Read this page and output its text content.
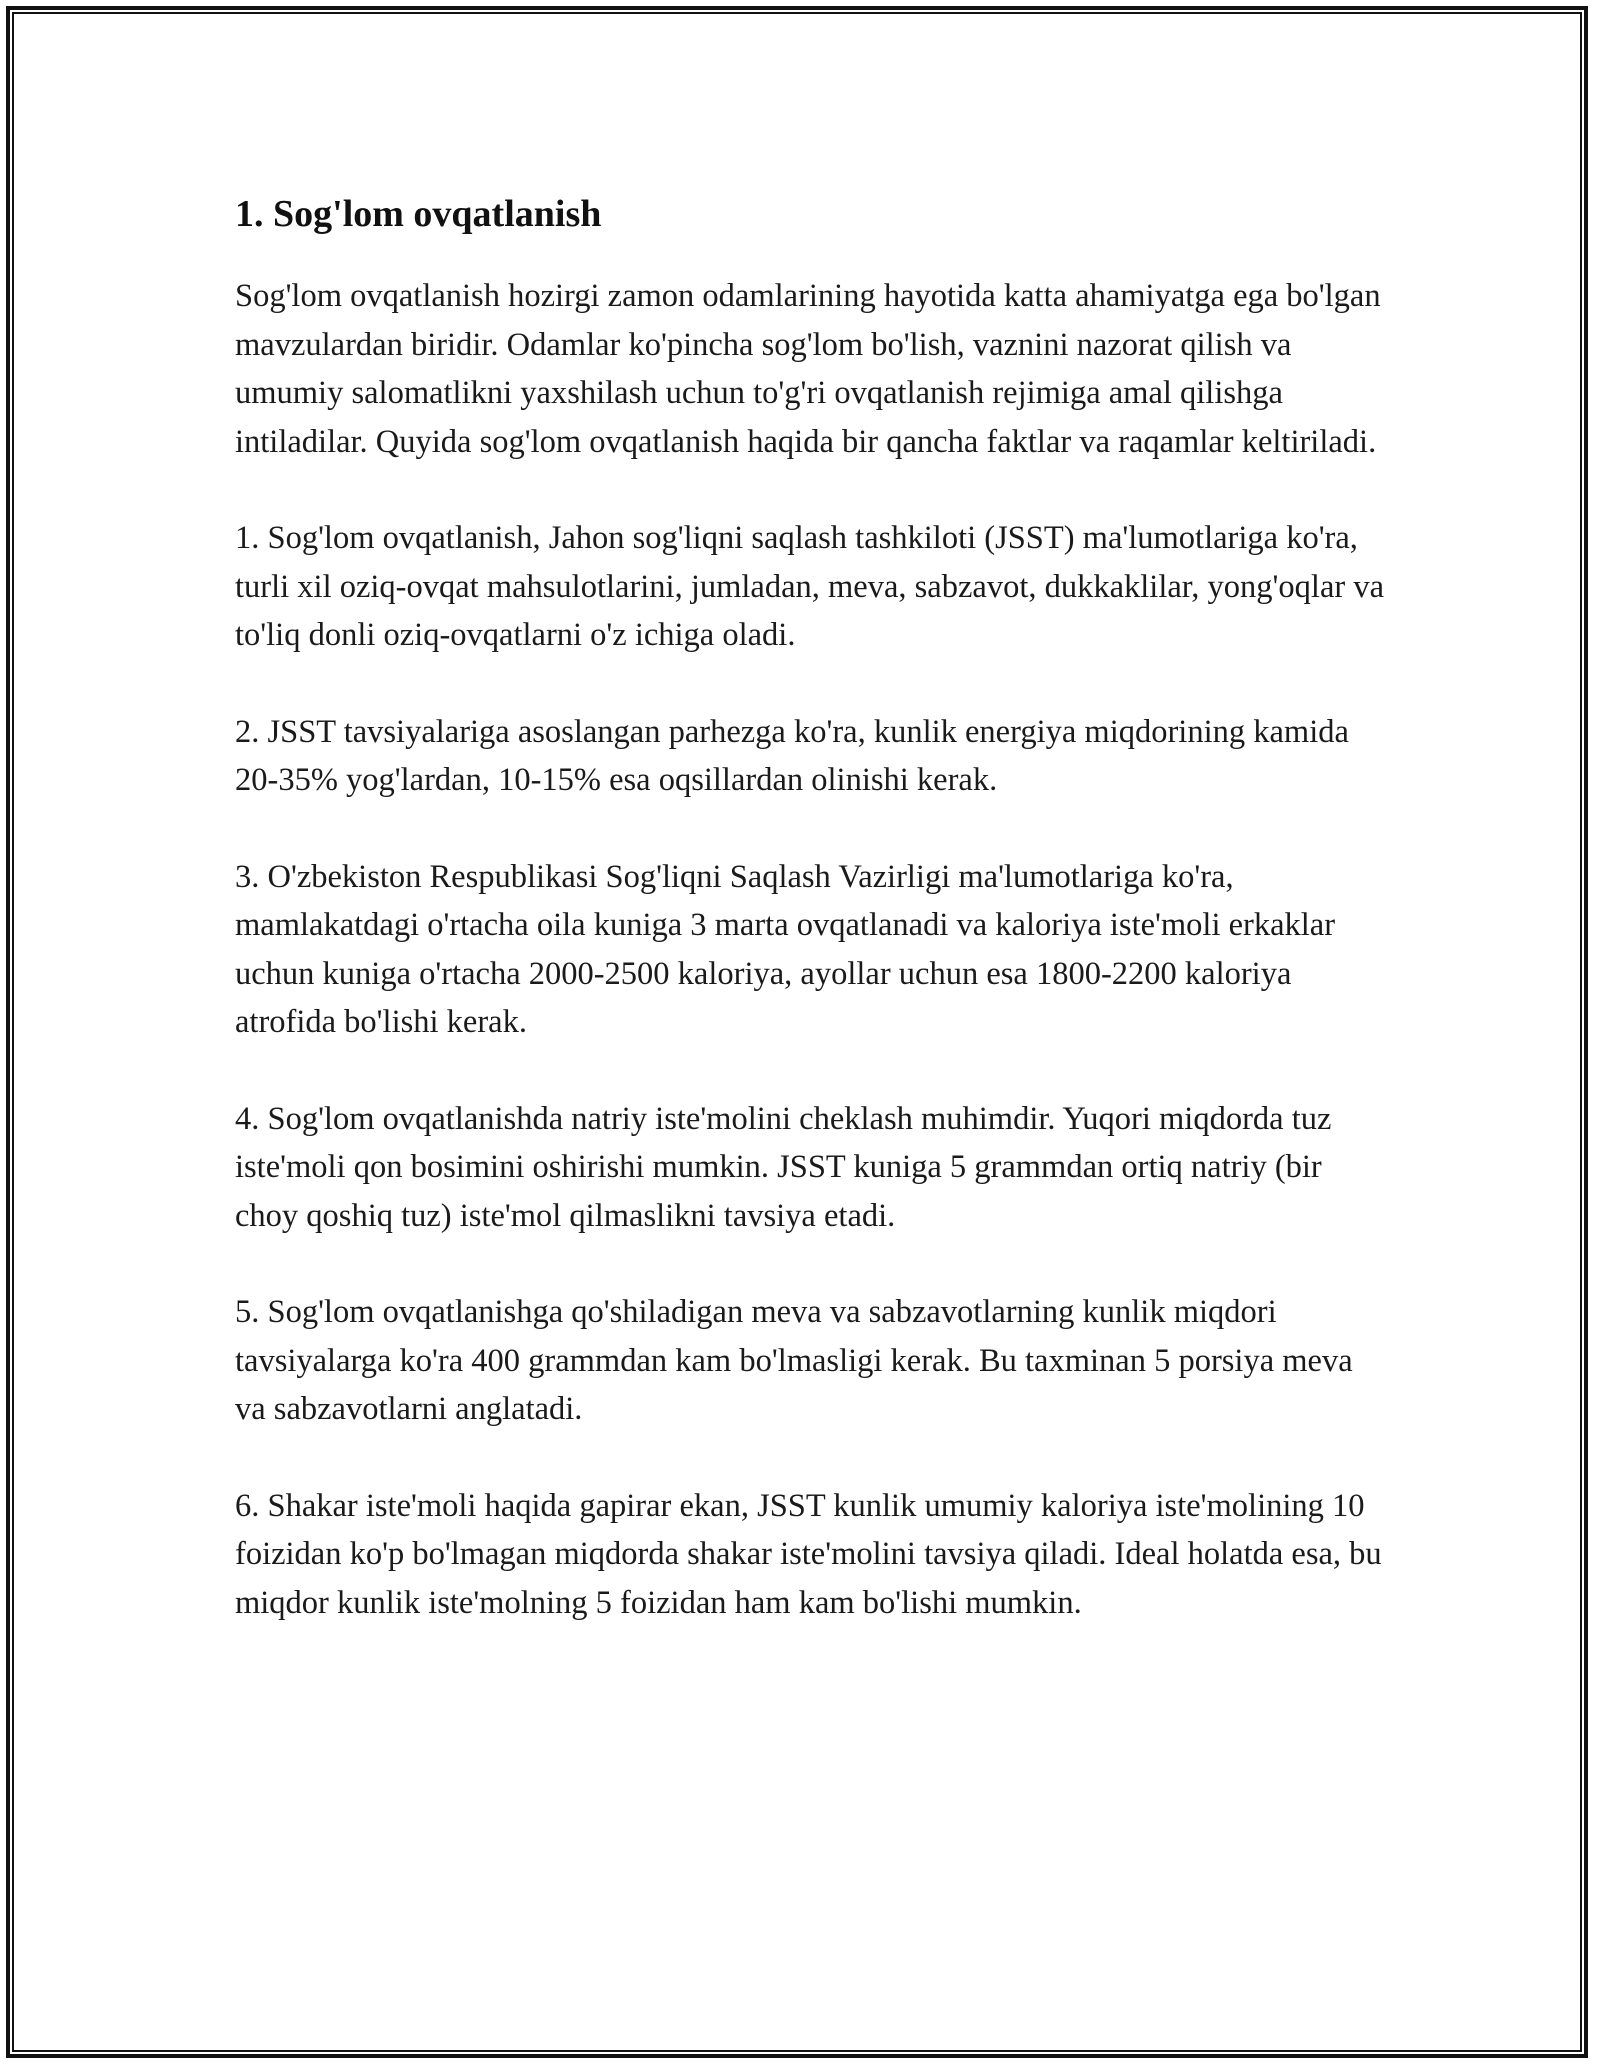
1. Sog'lom ovqatlanish

Sog'lom ovqatlanish hozirgi zamon odamlarining hayotida katta ahamiyatga ega bo'lgan mavzulardan biridir. Odamlar ko'pincha sog'lom bo'lish, vaznini nazorat qilish va umumiy salomatlikni yaxshilash uchun to'g'ri ovqatlanish rejimiga amal qilishga intiladilar. Quyida sog'lom ovqatlanish haqida bir qancha faktlar va raqamlar keltiriladi.

1. Sog'lom ovqatlanish, Jahon sog'liqni saqlash tashkiloti (JSST) ma'lumotlariga ko'ra, turli xil oziq-ovqat mahsulotlarini, jumladan, meva, sabzavot, dukkaklilar, yong'oqlar va to'liq donli oziq-ovqatlarni o'z ichiga oladi.

2. JSST tavsiyalariga asoslangan parhezga ko'ra, kunlik energiya miqdorining kamida 20-35% yog'lardan, 10-15% esa oqsillardan olinishi kerak.

3. O'zbekiston Respublikasi Sog'liqni Saqlash Vazirligi ma'lumotlariga ko'ra, mamlakatdagi o'rtacha oila kuniga 3 marta ovqatlanadi va kaloriya iste'moli erkaklar uchun kuniga o'rtacha 2000-2500 kaloriya, ayollar uchun esa 1800-2200 kaloriya atrofida bo'lishi kerak.

4. Sog'lom ovqatlanishda natriy iste'molini cheklash muhimdir. Yuqori miqdorda tuz iste'moli qon bosimini oshirishi mumkin. JSST kuniga 5 grammdan ortiq natriy (bir choy qoshiq tuz) iste'mol qilmaslikni tavsiya etadi.

5. Sog'lom ovqatlanishga qo'shiladigan meva va sabzavotlarning kunlik miqdori tavsiyalarga ko'ra 400 grammdan kam bo'lmasligi kerak. Bu taxminan 5 porsiya meva va sabzavotlarni anglatadi.

6. Shakar iste'moli haqida gapirar ekan, JSST kunlik umumiy kaloriya iste'molining 10 foizidan ko'p bo'lmagan miqdorda shakar iste'molini tavsiya qiladi. Ideal holatda esa, bu miqdor kunlik iste'molning 5 foizidan ham kam bo'lishi mumkin.
